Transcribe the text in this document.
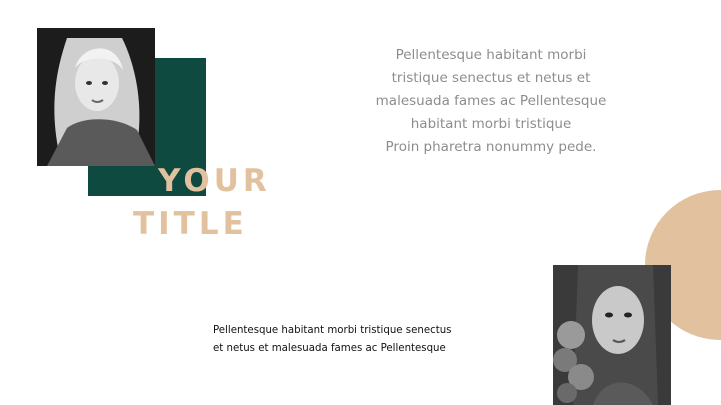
YOUR
TITLE
Pellentesque habitant morbi
tristique senectus et netus et
malesuada fames ac Pellentesque
habitant morbi tristique
Proin pharetra nonummy pede.
Pellentesque habitant morbi tristique senectus
et netus et malesuada fames ac Pellentesque
